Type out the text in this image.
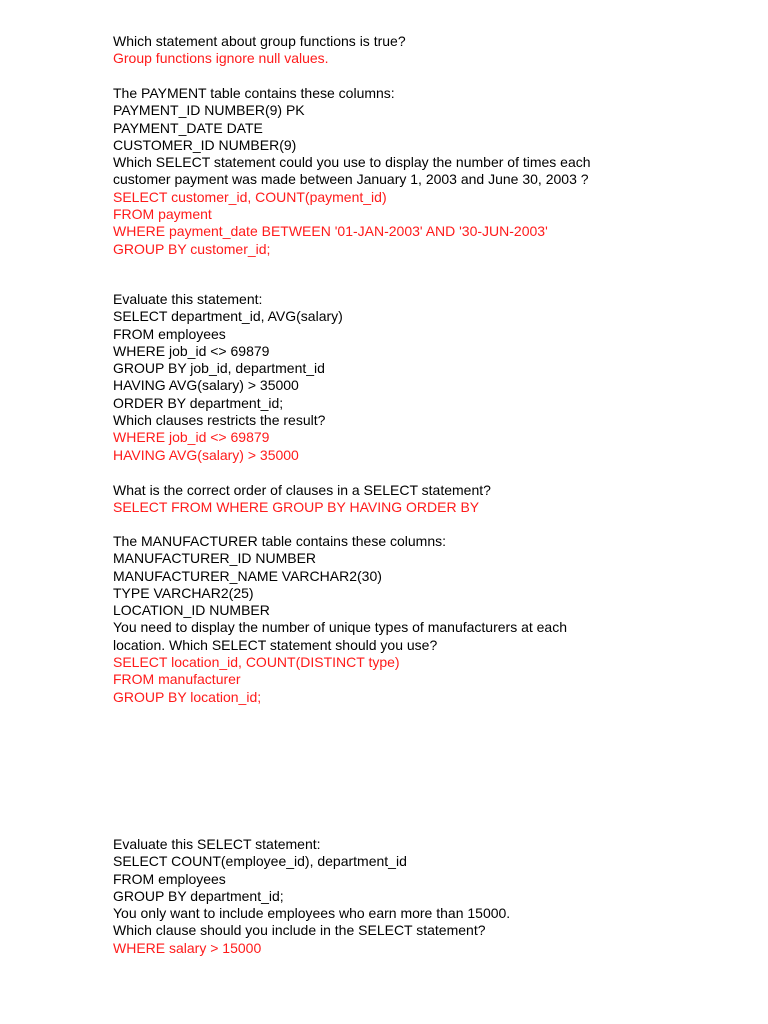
Which statement about group functions is true?
Group functions ignore null values.
The PAYMENT table contains these columns:
PAYMENT_ID NUMBER(9) PK
PAYMENT_DATE DATE
CUSTOMER_ID NUMBER(9)
Which SELECT statement could you use to display the number of times each
customer payment was made between January 1, 2003 and June 30, 2003 ?
SELECT customer_id, COUNT(payment_id)
FROM payment
WHERE payment_date BETWEEN '01-JAN-2003' AND '30-JUN-2003'
GROUP BY customer_id;
Evaluate this statement:
SELECT department_id, AVG(salary)
FROM employees
WHERE job_id <> 69879
GROUP BY job_id, department_id
HAVING AVG(salary) > 35000
ORDER BY department_id;
Which clauses restricts the result?
WHERE job_id <> 69879
HAVING AVG(salary) > 35000
What is the correct order of clauses in a SELECT statement?
SELECT FROM WHERE GROUP BY HAVING ORDER BY
The MANUFACTURER table contains these columns:
MANUFACTURER_ID NUMBER
MANUFACTURER_NAME VARCHAR2(30)
TYPE VARCHAR2(25)
LOCATION_ID NUMBER
You need to display the number of unique types of manufacturers at each
location. Which SELECT statement should you use?
SELECT location_id, COUNT(DISTINCT type)
FROM manufacturer
GROUP BY location_id;
Evaluate this SELECT statement:
SELECT COUNT(employee_id), department_id
FROM employees
GROUP BY department_id;
You only want to include employees who earn more than 15000.
Which clause should you include in the SELECT statement?
WHERE salary > 15000
